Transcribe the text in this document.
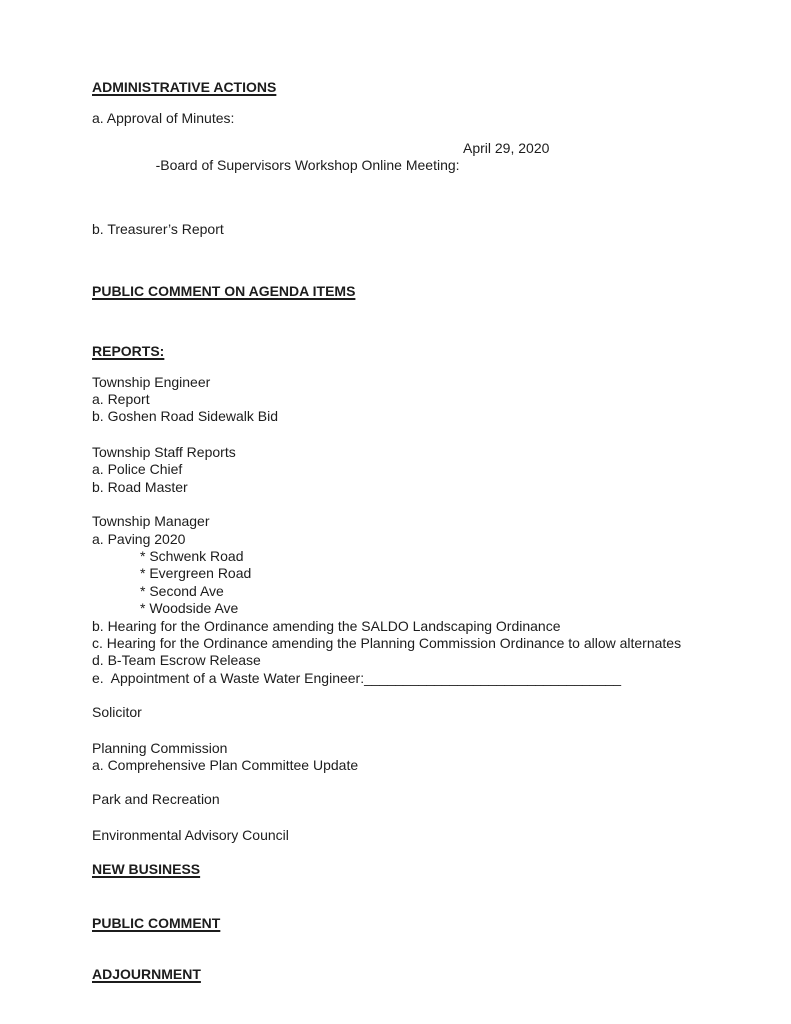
ADMINISTRATIVE ACTIONS
a. Approval of Minutes:

-Board of Supervisors Workshop Online Meeting:

April 29, 2020

b. Treasurer’s Report
PUBLIC COMMENT ON AGENDA ITEMS
REPORTS:
Township Engineer
a. Report
b. Goshen Road Sidewalk Bid
Township Staff Reports
a. Police Chief
b. Road Master
Township Manager
a. Paving 2020
* Schwenk Road
* Evergreen Road
* Second Ave
* Woodside Ave
b. Hearing for the Ordinance amending the SALDO Landscaping Ordinance
c. Hearing for the Ordinance amending the Planning Commission Ordinance to allow alternates
d. B-Team Escrow Release
e.  Appointment of a Waste Water Engineer:_________________________________
Solicitor
Planning Commission
a. Comprehensive Plan Committee Update
Park and Recreation
Environmental Advisory Council
NEW BUSINESS
PUBLIC COMMENT
ADJOURNMENT
